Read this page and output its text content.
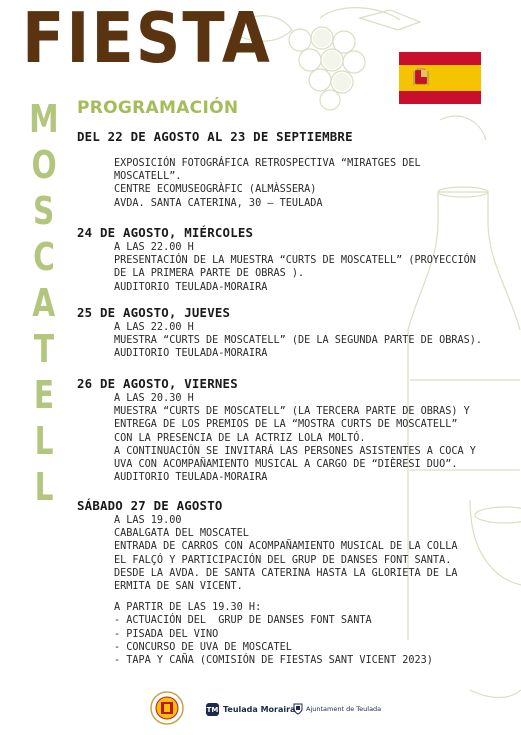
FIESTA
M
O
S
C
A
T
E
L
L
PROGRAMACIÓN
DEL 22 DE AGOSTO AL 23 DE SEPTIEMBRE
EXPOSICIÓN FOTOGRÁFICA RETROSPECTIVA “MIRATGES DEL
MOSCATELL”.
CENTRE ECOMUSEOGRÀFIC (ALMÀSSERA)
AVDA. SANTA CATERINA, 30 – TEULADA
24 DE AGOSTO, MIÉRCOLES
A LAS 22.00 H
PRESENTACIÓN DE LA MUESTRA “CURTS DE MOSCATELL” (PROYECCIÓN
DE LA PRIMERA PARTE DE OBRAS ).
AUDITORIO TEULADA-MORAIRA
25 DE AGOSTO, JUEVES
A LAS 22.00 H
MUESTRA “CURTS DE MOSCATELL” (DE LA SEGUNDA PARTE DE OBRAS).
AUDITORIO TEULADA-MORAIRA
26 DE AGOSTO, VIERNES
A LAS 20.30 H
MUESTRA “CURTS DE MOSCATELL” (LA TERCERA PARTE DE OBRAS) Y
ENTREGA DE LOS PREMIOS DE LA “MOSTRA CURTS DE MOSCATELL”
CON LA PRESENCIA DE LA ACTRIZ LOLA MOLTÓ.
A CONTINUACIÓN SE INVITARÁ LAS PERSONES ASISTENTES A COCA Y
UVA CON ACOMPAÑAMIENTO MUSICAL A CARGO DE “DIÈRESI DUO”.
AUDITORIO TEULADA-MORAIRA
SÁBADO 27 DE AGOSTO
A LAS 19.00
CABALGATA DEL MOSCATEL
ENTRADA DE CARROS CON ACOMPAÑAMIENTO MUSICAL DE LA COLLA
EL FALÇÓ Y PARTICIPACIÓN DEL GRUP DE DANSES FONT SANTA.
DESDE LA AVDA. DE SANTA CATERINA HASTA LA GLORIETA DE LA
ERMITA DE SAN VICENT.
A PARTIR DE LAS 19.30 H:
- ACTUACIÓN DEL  GRUP DE DANSES FONT SANTA
- PISADA DEL VINO
- CONCURSO DE UVA DE MOSCATEL
- TAPA Y CAÑA (COMISIÓN DE FIESTAS SANT VICENT 2023)
TM Teulada Moraira Ajuntament de Teulada
